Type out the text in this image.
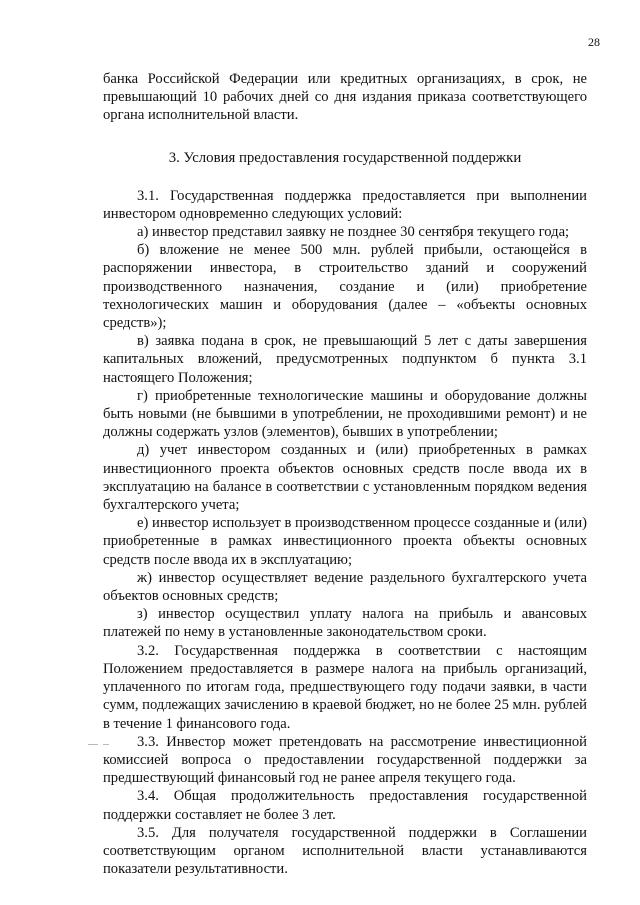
28

банка Российской Федерации или кредитных организациях, в срок, не превышающий 10 рабочих дней со дня издания приказа соответствующего органа исполнительной власти.

3. Условия предоставления государственной поддержки

3.1. Государственная поддержка предоставляется при выполнении инвестором одновременно следующих условий:

а) инвестор представил заявку не позднее 30 сентября текущего года;

б) вложение не менее 500 млн. рублей прибыли, остающейся в распоряжении инвестора, в строительство зданий и сооружений производственного назначения, создание и (или) приобретение технологических машин и оборудования (далее – «объекты основных средств»);

в) заявка подана в срок, не превышающий 5 лет с даты завершения капитальных вложений, предусмотренных подпунктом б пункта 3.1 настоящего Положения;

г) приобретенные технологические машины и оборудование должны быть новыми (не бывшими в употреблении, не проходившими ремонт) и не должны содержать узлов (элементов), бывших в употреблении;

д) учет инвестором созданных и (или) приобретенных в рамках инвестиционного проекта объектов основных средств после ввода их в эксплуатацию на балансе в соответствии с установленным порядком ведения бухгалтерского учета;

е) инвестор использует в производственном процессе созданные и (или) приобретенные в рамках инвестиционного проекта объекты основных средств после ввода их в эксплуатацию;

ж) инвестор осуществляет ведение раздельного бухгалтерского учета объектов основных средств;

з) инвестор осуществил уплату налога на прибыль и авансовых платежей по нему в установленные законодательством сроки.

3.2. Государственная поддержка в соответствии с настоящим Положением предоставляется в размере налога на прибыль организаций, уплаченного по итогам года, предшествующего году подачи заявки, в части сумм, подлежащих зачислению в краевой бюджет, но не более 25 млн. рублей в течение 1 финансового года.

3.3. Инвестор может претендовать на рассмотрение инвестиционной комиссией вопроса о предоставлении государственной поддержки за предшествующий финансовый год не ранее апреля текущего года.

3.4. Общая продолжительность предоставления государственной поддержки составляет не более 3 лет.

3.5. Для получателя государственной поддержки в Соглашении соответствующим органом исполнительной власти устанавливаются показатели результативности.
